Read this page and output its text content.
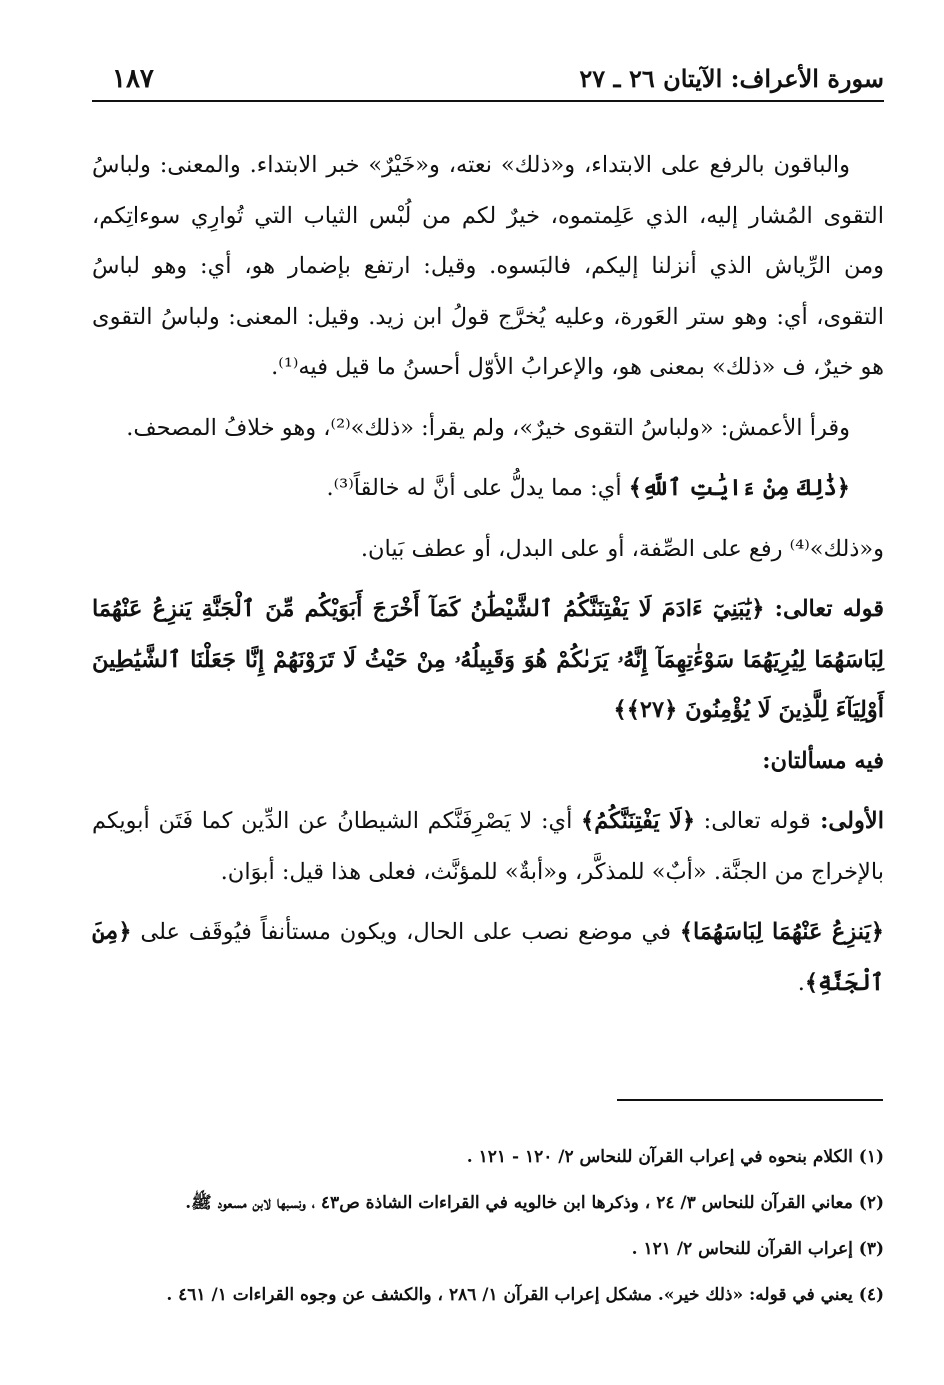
سورة الأعراف: الآيتان ٢٦ ـ ٢٧
١٨٧

والباقون بالرفع على الابتداء، و«ذلك» نعته، و«خَيْرٌ» خبر الابتداء. والمعنى: ولباسُ التقوى المُشار إليه، الذي عَلِمتموه، خيرٌ لكم من لُبْس الثياب التي تُوارِي سوءاتِكم، ومن الرِّياش الذي أنزلنا إليكم، فالبَسوه. وقيل: ارتفع بإضمار هو، أي: وهو لباسُ التقوى، أي: وهو ستر العَورة، وعليه يُخرَّج قولُ ابن زيد. وقيل: المعنى: ولباسُ التقوى هو خيرٌ، ف «ذلك» بمعنى هو، والإعرابُ الأوّل أحسنُ ما قيل فيه⁽¹⁾.

وقرأ الأعمش: «ولباسُ التقوى خيرٌ»، ولم يقرأ: «ذلك»⁽²⁾، وهو خلافُ المصحف.

﴿ذَٰلِكَ مِنْ ءَايَٰتِ ٱللَّهِ﴾ أي: مما يدلُّ على أنَّ له خالقاً⁽³⁾.

و«ذلك»⁽⁴⁾ رفع على الصِّفة، أو على البدل، أو عطف بَيان.

قوله تعالى: ﴿يَٰبَنِيٓ ءَادَمَ لَا يَفْتِنَنَّكُمُ ٱلشَّيْطَٰنُ كَمَآ أَخْرَجَ أَبَوَيْكُم مِّنَ ٱلْجَنَّةِ يَنزِعُ عَنْهُمَا لِبَاسَهُمَا لِيُرِيَهُمَا سَوْءَٰتِهِمَآ إِنَّهُۥ يَرَىٰكُمْ هُوَ وَقَبِيلُهُۥ مِنْ حَيْثُ لَا تَرَوْنَهُمْ إِنَّا جَعَلْنَا ٱلشَّيَٰطِينَ أَوْلِيَآءَ لِلَّذِينَ لَا يُؤْمِنُونَ ﴿٢٧﴾﴾

فيه مسألتان:

الأولى: قوله تعالى: ﴿لَا يَفْتِنَنَّكُمُ﴾ أي: لا يَصْرِفَنَّكم الشيطانُ عن الدِّين كما فَتَن أبويكم بالإخراج من الجنَّة. «أبٌ» للمذكَّر، و«أبةٌ» للمؤنَّث، فعلى هذا قيل: أبوَان.

﴿يَنزِعُ عَنْهُمَا لِبَاسَهُمَا﴾ في موضع نصب على الحال، ويكون مستأنفاً فيُوقَف على ﴿مِنَ ٱلْجَنَّةِ﴾.

(١) الكلام بنحوه في إعراب القرآن للنحاس ٢/ ١٢٠ - ١٢١ .

(٢) معاني القرآن للنحاس ٣/ ٢٤ ، وذكرها ابن خالويه في القراءات الشاذة ص٤٣ ، ونسبها لابن مسعود ﷺ.

(٣) إعراب القرآن للنحاس ٢/ ١٢١ .

(٤) يعني في قوله: «ذلك خير». مشكل إعراب القرآن ١/ ٢٨٦ ، والكشف عن وجوه القراءات ١/ ٤٦١ .
